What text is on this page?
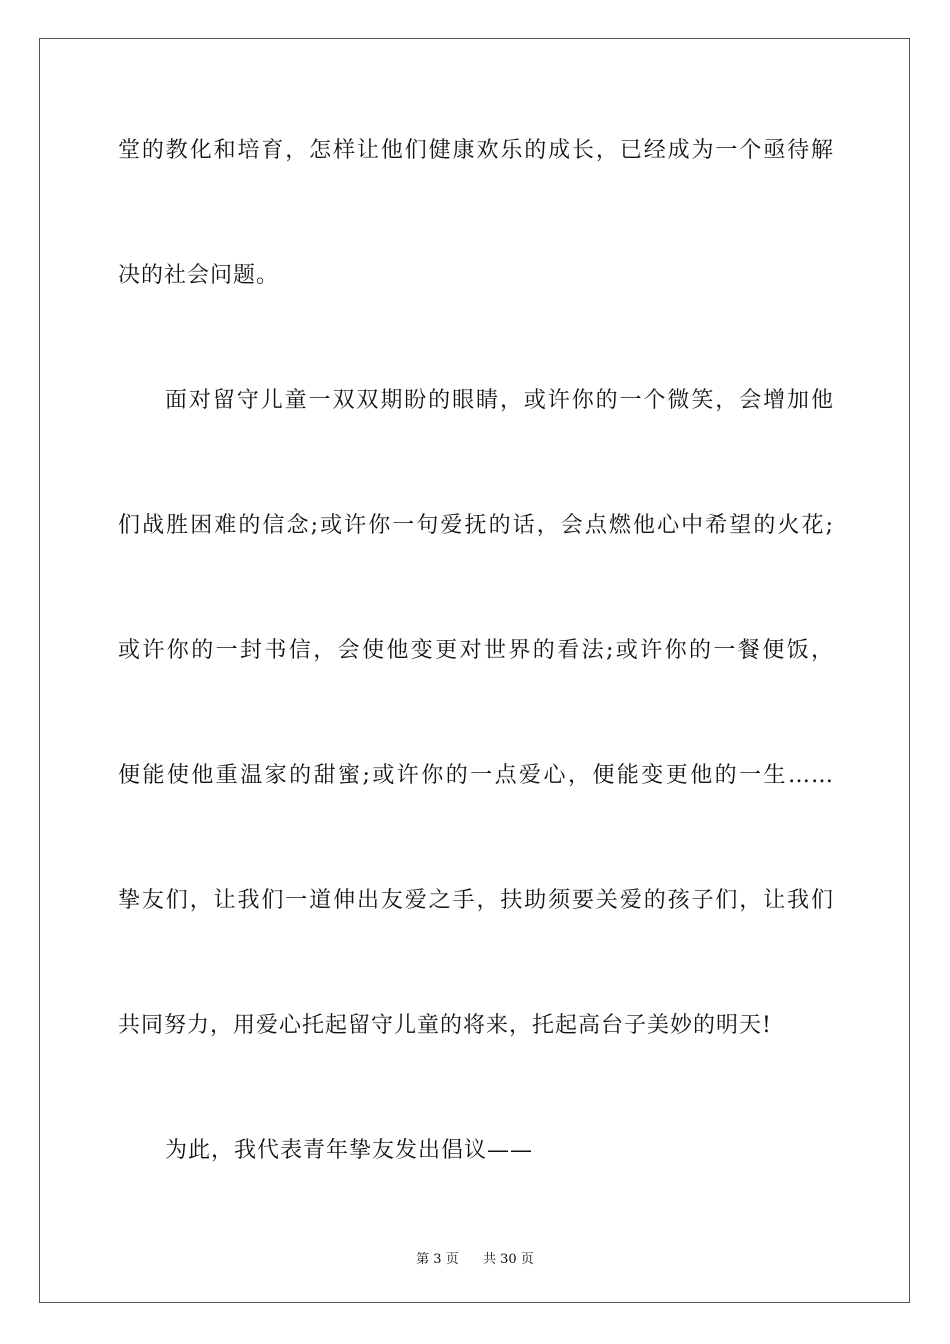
堂的教化和培育，怎样让他们健康欢乐的成长，已经成为一个亟待解
决的社会问题。
面对留守儿童一双双期盼的眼睛，或许你的一个微笑，会增加他
们战胜困难的信念;或许你一句爱抚的话，会点燃他心中希望的火花;
或许你的一封书信，会使他变更对世界的看法;或许你的一餐便饭，
便能使他重温家的甜蜜;或许你的一点爱心，便能变更他的一生……
挚友们，让我们一道伸出友爱之手，扶助须要关爱的孩子们，让我们
共同努力，用爱心托起留守儿童的将来，托起高台子美妙的明天!
为此，我代表青年挚友发出倡议——
第 3 页 共 30 页
